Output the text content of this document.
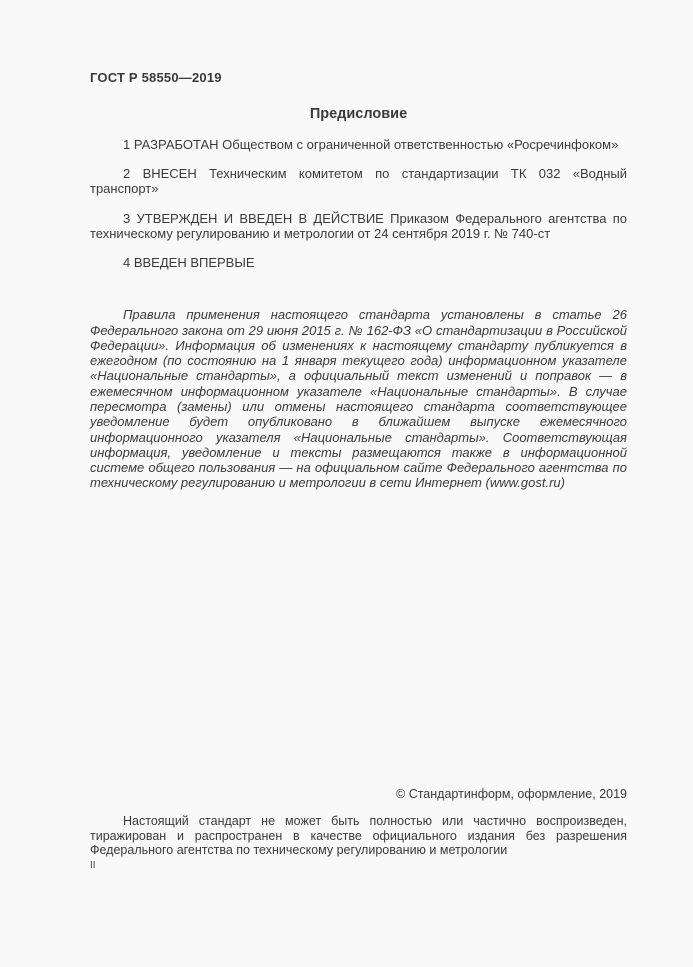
ГОСТ Р 58550—2019
Предисловие

1 РАЗРАБОТАН Обществом с ограниченной ответственностью «Росречинфоком»

2 ВНЕСЕН Техническим комитетом по стандартизации ТК 032 «Водный транспорт»

3 УТВЕРЖДЕН И ВВЕДЕН В ДЕЙСТВИЕ Приказом Федерального агентства по техническому регулированию и метрологии от 24 сентября 2019 г. № 740-ст

4 ВВЕДЕН ВПЕРВЫЕ

Правила применения настоящего стандарта установлены в статье 26 Федерального закона от 29 июня 2015 г. № 162-ФЗ «О стандартизации в Российской Федерации». Информация об изменениях к настоящему стандарту публикуется в ежегодном (по состоянию на 1 января текущего года) информационном указателе «Национальные стандарты», а официальный текст изменений и поправок — в ежемесячном информационном указателе «Национальные стандарты». В случае пересмотра (замены) или отмены настоящего стандарта соответствующее уведомление будет опубликовано в ближайшем выпуске ежемесячного информационного указателя «Национальные стандарты». Соответствующая информация, уведомление и тексты размещаются также в информационной системе общего пользования — на официальном сайте Федерального агентства по техническому регулированию и метрологии в сети Интернет (www.gost.ru)

© Стандартинформ, оформление, 2019

Настоящий стандарт не может быть полностью или частично воспроизведен, тиражирован и распространен в качестве официального издания без разрешения Федерального агентства по техническому регулированию и метрологии

II
